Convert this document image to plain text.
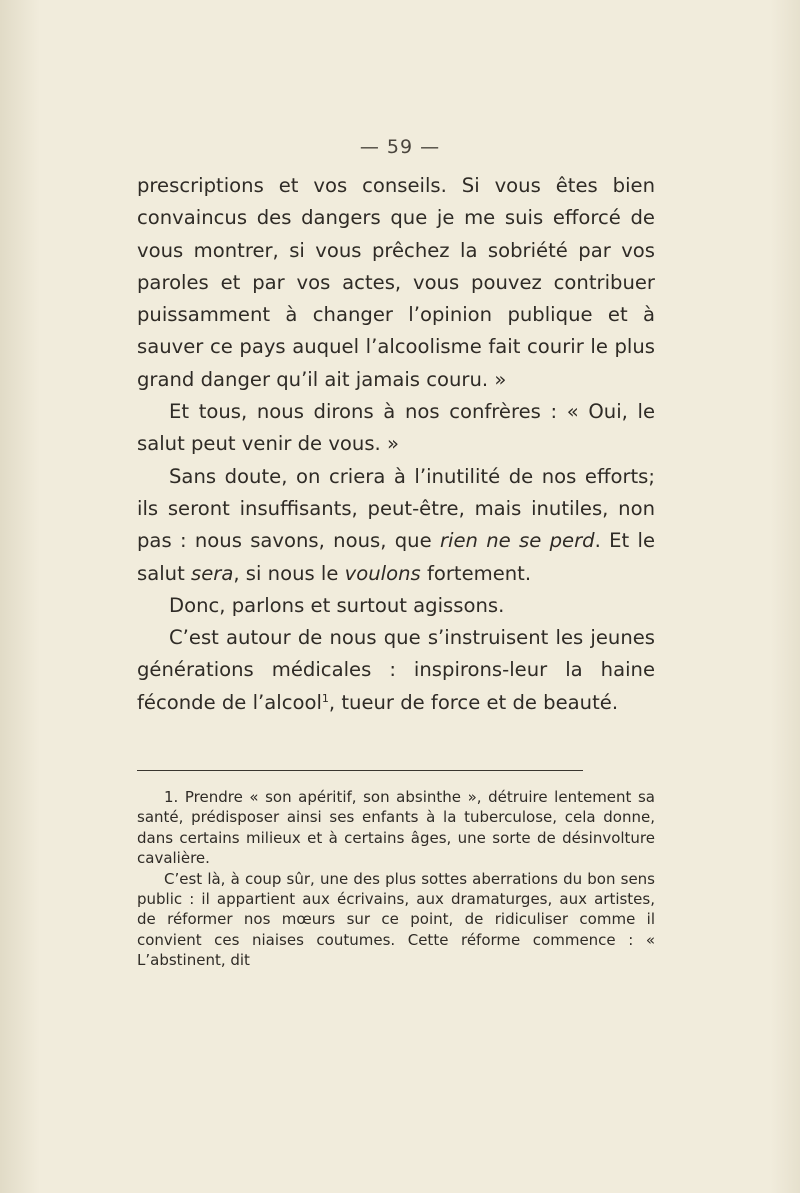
— 59 —

prescriptions et vos conseils. Si vous êtes bien convaincus des dangers que je me suis efforcé de vous montrer, si vous prêchez la sobriété par vos paroles et par vos actes, vous pouvez contribuer puissamment à changer l’opinion publique et à sauver ce pays auquel l’alcoolisme fait courir le plus grand danger qu’il ait jamais couru. »

Et tous, nous dirons à nos confrères : « Oui, le salut peut venir de vous. »

Sans doute, on criera à l’inutilité de nos efforts; ils seront insuffisants, peut-être, mais inutiles, non pas : nous savons, nous, que rien ne se perd. Et le salut sera, si nous le voulons fortement.

Donc, parlons et surtout agissons.

C’est autour de nous que s’instruisent les jeunes générations médicales : inspirons-leur la haine féconde de l’alcool$^1$, tueur de force et de beauté.

1. Prendre « son apéritif, son absinthe », détruire lentement sa santé, prédisposer ainsi ses enfants à la tuberculose, cela donne, dans certains milieux et à certains âges, une sorte de désinvolture cavalière.

C’est là, à coup sûr, une des plus sottes aberrations du bon sens public : il appartient aux écrivains, aux dramaturges, aux artistes, de réformer nos mœurs sur ce point, de ridiculiser comme il convient ces niaises coutumes. Cette réforme commence : « L’abstinent, dit
